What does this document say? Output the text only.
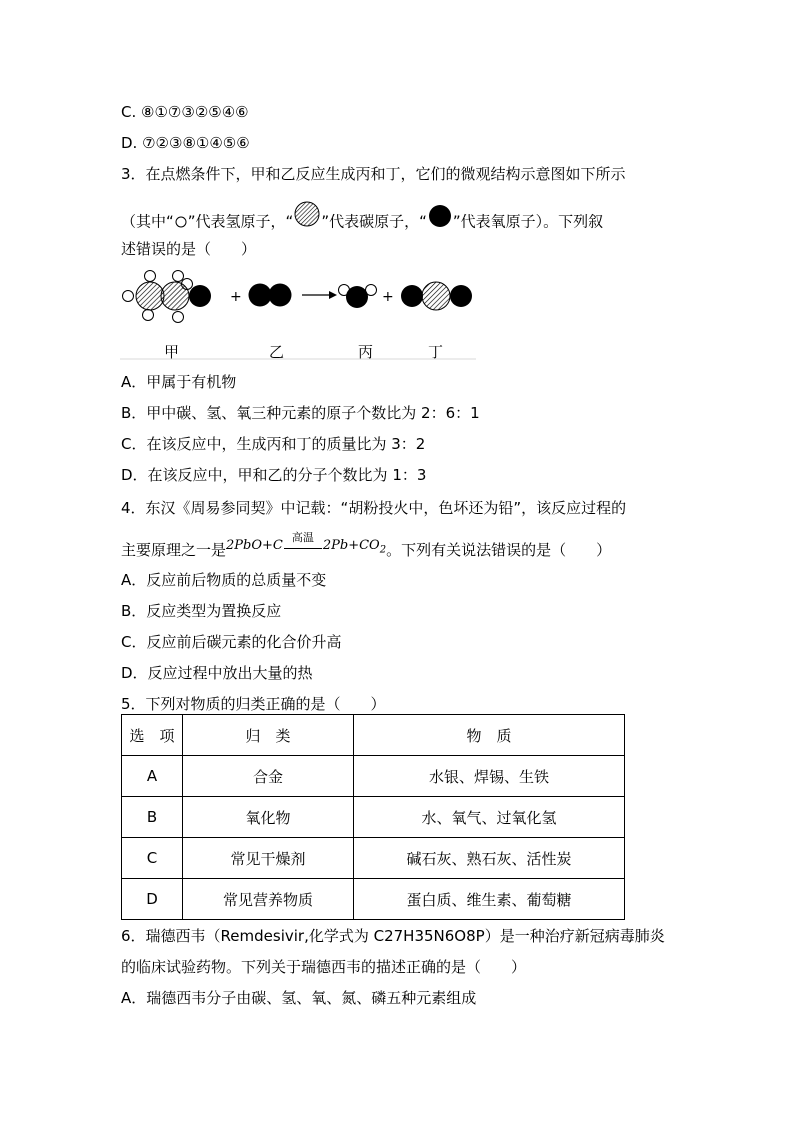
C. ⑧①⑦③②⑤④⑥
D. ⑦②③⑧①④⑤⑥
3．在点燃条件下，甲和乙反应生成丙和丁，它们的微观结构示意图如下所示
（其中“ ”代表氢原子，“ ”代表碳原子，“ ”代表氧原子）。下列叙
述错误的是（　　）
+	+
甲	乙	丙	丁
A．甲属于有机物
B．甲中碳、氢、氧三种元素的原子个数比为 2：6：1
C．在该反应中，生成丙和丁的质量比为 3：2
D．在该反应中，甲和乙的分子个数比为 1：3
4．东汉《周易参同契》中记载：“胡粉投火中，色坏还为铅”，该反应过程的
主要原理之一是2PbO+C
高温
$2Pb+CO_2$。下列有关说法错误的是（　　）
A．反应前后物质的总质量不变
B．反应类型为置换反应
C．反应前后碳元素的化合价升高
D．反应过程中放出大量的热
5．下列对物质的归类正确的是（　　）
选　项	归　类	物　质
A	合金	水银、焊锡、生铁
B	氧化物	水、氧气、过氧化氢
C	常见干燥剂	碱石灰、熟石灰、活性炭
D	常见营养物质	蛋白质、维生素、葡萄糖
6．瑞德西韦（Remdesivir,化学式为 C27H35N6O8P）是一种治疗新冠病毒肺炎
的临床试验药物。下列关于瑞德西韦的描述正确的是（　　）
A．瑞德西韦分子由碳、氢、氧、氮、磷五种元素组成
